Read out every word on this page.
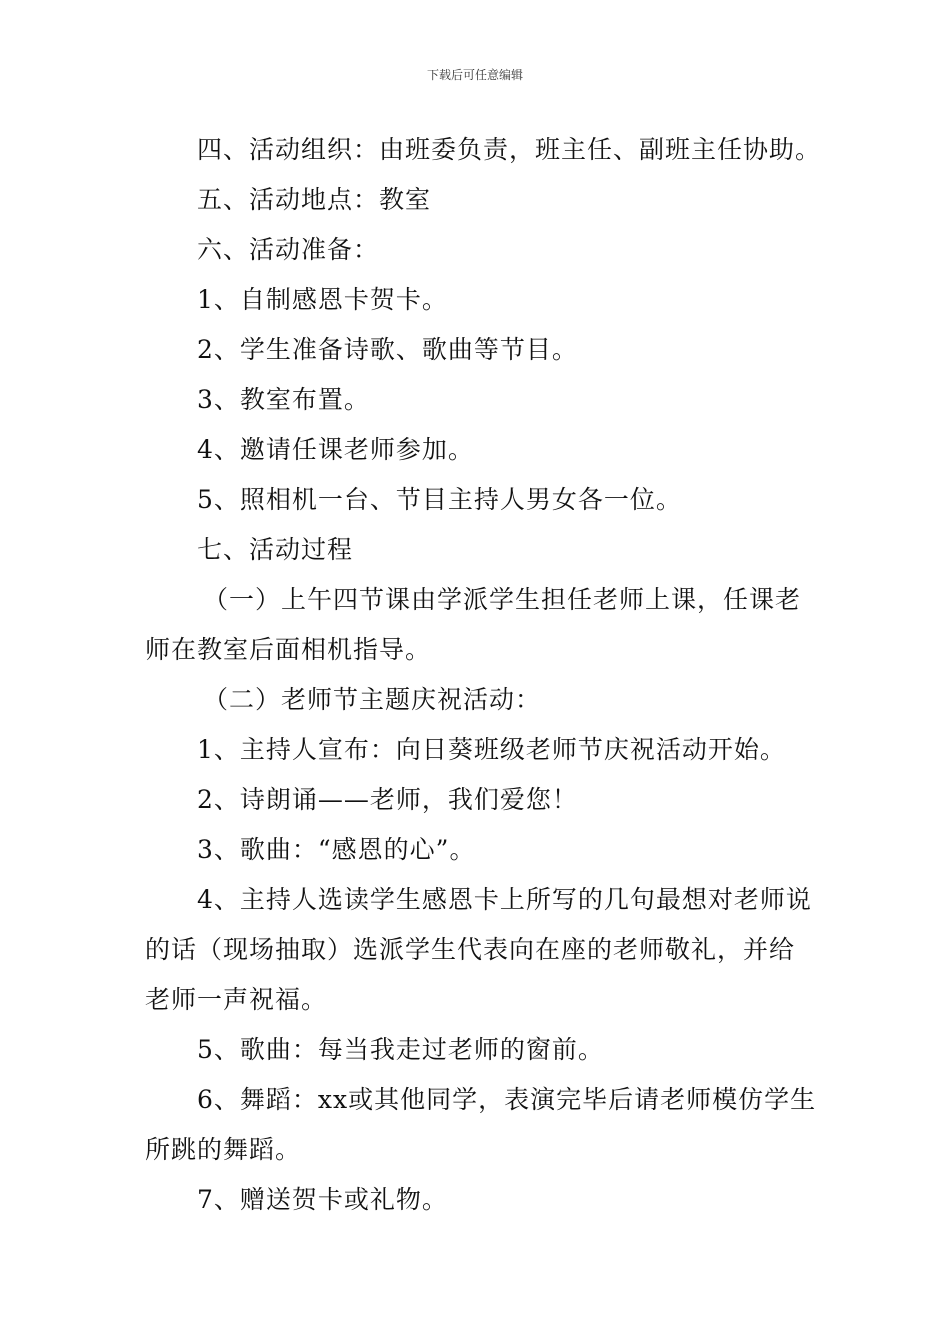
下载后可任意编辑

四、活动组织：由班委负责，班主任、副班主任协助。

五、活动地点：教室

六、活动准备：

1、自制感恩卡贺卡。

2、学生准备诗歌、歌曲等节目。

3、教室布置。

4、邀请任课老师参加。

5、照相机一台、节目主持人男女各一位。

七、活动过程

（一）上午四节课由学派学生担任老师上课，任课老

师在教室后面相机指导。

（二）老师节主题庆祝活动：

1、主持人宣布：向日葵班级老师节庆祝活动开始。

2、诗朗诵——老师，我们爱您！

3、歌曲：“感恩的心”。

4、主持人选读学生感恩卡上所写的几句最想对老师说

的话（现场抽取）选派学生代表向在座的老师敬礼，并给

老师一声祝福。

5、歌曲：每当我走过老师的窗前。

6、舞蹈：xx或其他同学，表演完毕后请老师模仿学生

所跳的舞蹈。

7、赠送贺卡或礼物。
